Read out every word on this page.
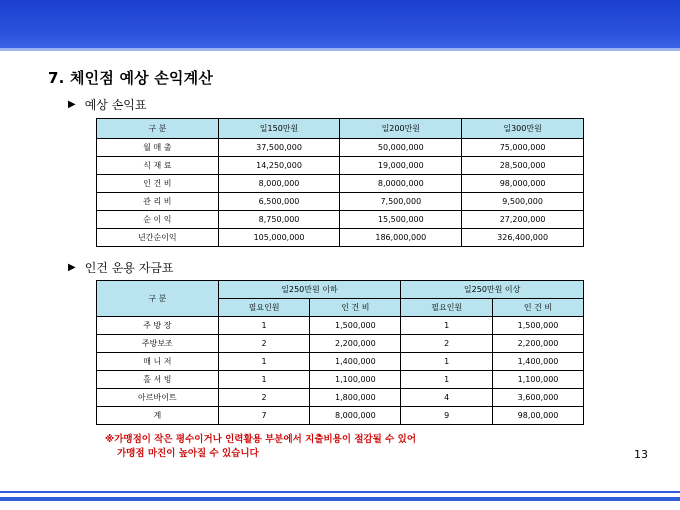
7. 체인점 예상 손익계산
▶ 예상 손익표
구 분	일150만원	일200만원	일300만원
월 매 출	37,500,000	50,000,000	75,000,000
식 재 료	14,250,000	19,000,000	28,500,000
인 건 비	8,000,000	8,0000,000	98,000,000
관 리 비	6,500,000	7,500,000	9,500,000
순 이 익	8,750,000	15,500,000	27,200,000
년간순이익	105,000,000	186,000,000	326,400,000
▶ 인건 운용 자금표
구 분	일250만원 이하		일250만원 이상	
	필요인원	인 건 비	필요인원	인 건 비
주 방 장	1	1,500,000	1	1,500,000
주방보조	2	2,200,000	2	2,200,000
매 니 저	1	1,400,000	1	1,400,000
홀 서 빙	1	1,100,000	1	1,100,000
아르바이트	2	1,800,000	4	3,600,000
계	7	8,000,000	9	98,00,000
※가맹점이 작은 평수이거나 인력활용 부분에서 지출비용이 절감될 수 있어
가맹점 마진이 높아질 수 있습니다	13
